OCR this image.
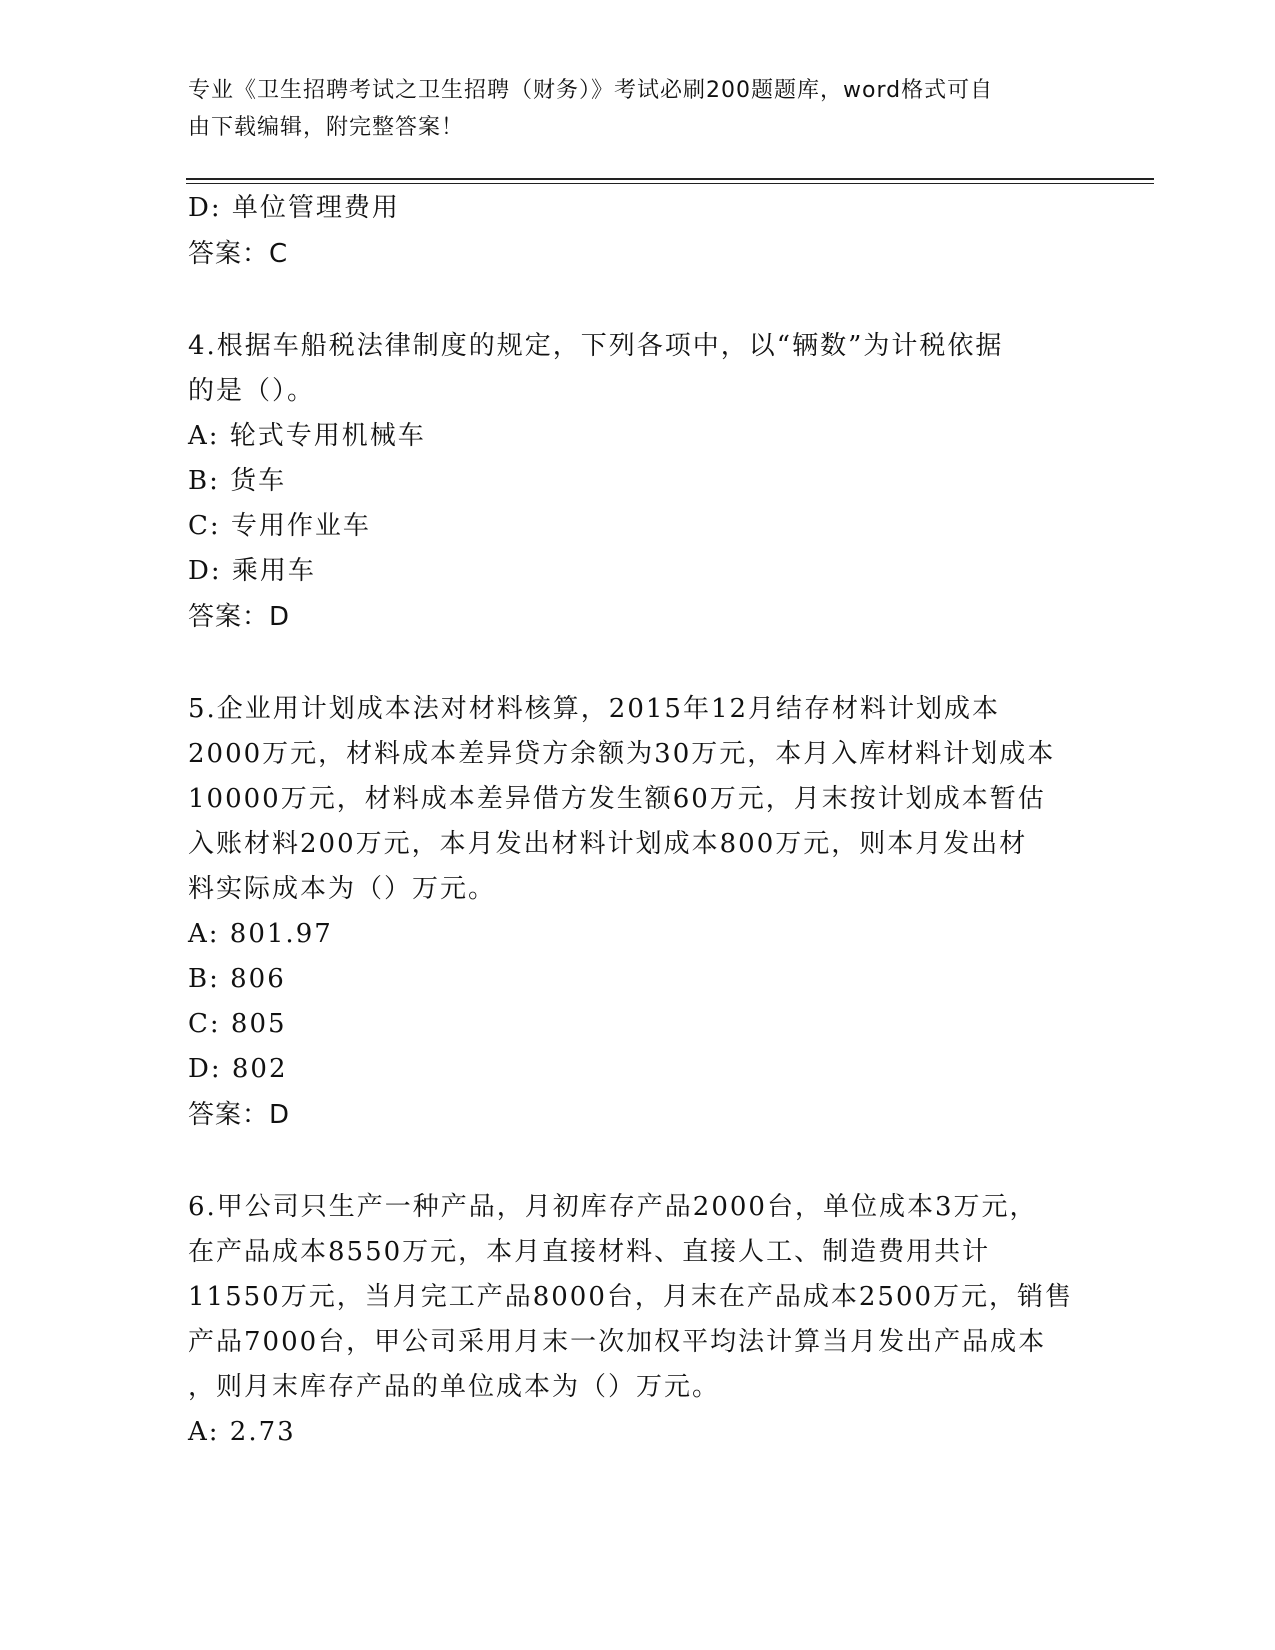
专业《卫生招聘考试之卫生招聘（财务）》考试必刷200题题库，word格式可自
由下载编辑，附完整答案！
D: 单位管理费用
答案：C
4.根据车船税法律制度的规定，下列各项中，以“辆数”为计税依据
的是（）。
A: 轮式专用机械车
B: 货车
C: 专用作业车
D: 乘用车
答案：D
5.企业用计划成本法对材料核算，2015年12月结存材料计划成本
2000万元，材料成本差异贷方余额为30万元，本月入库材料计划成本
10000万元，材料成本差异借方发生额60万元，月末按计划成本暂估
入账材料200万元，本月发出材料计划成本800万元，则本月发出材
料实际成本为（）万元。
A: 801.97
B: 806
C: 805
D: 802
答案：D
6.甲公司只生产一种产品，月初库存产品2000台，单位成本3万元，
在产品成本8550万元，本月直接材料、直接人工、制造费用共计
11550万元，当月完工产品8000台，月末在产品成本2500万元，销售
产品7000台，甲公司采用月末一次加权平均法计算当月发出产品成本
，则月末库存产品的单位成本为（）万元。
A: 2.73
